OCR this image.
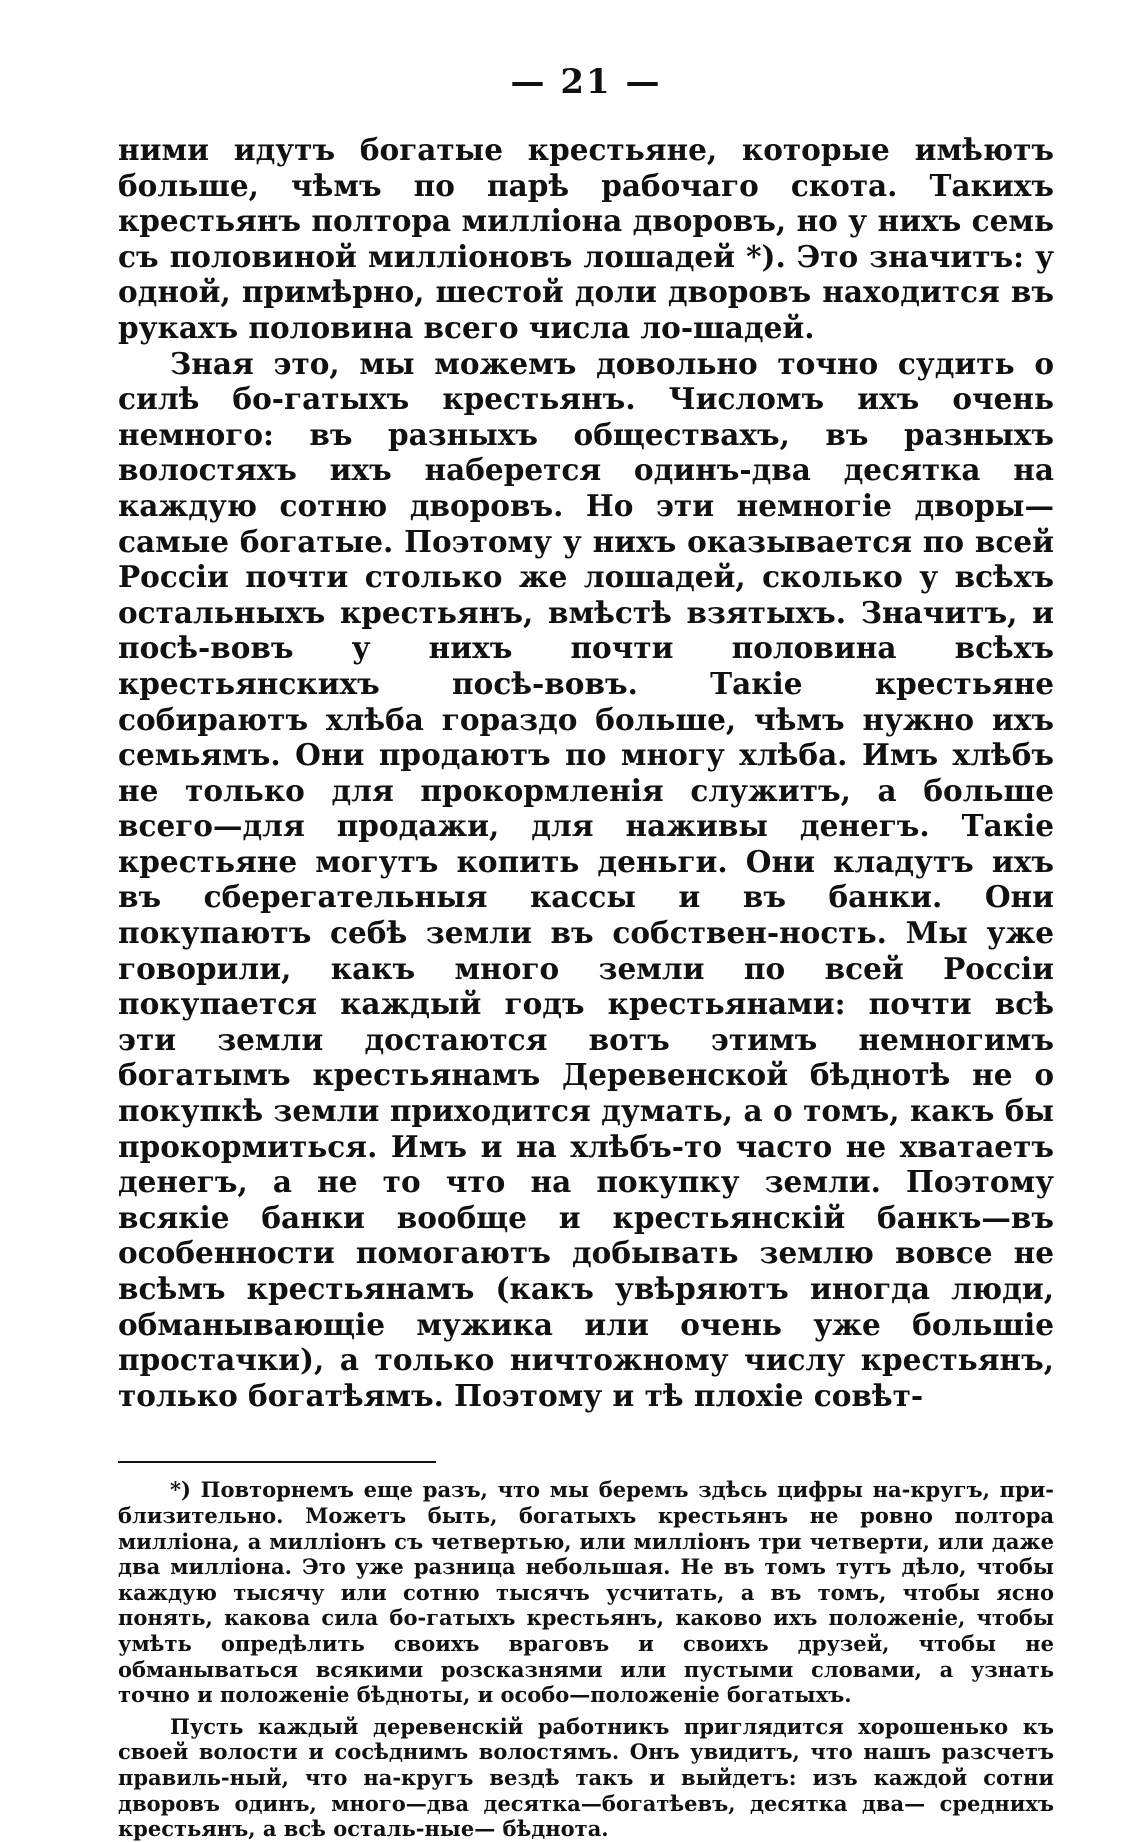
— 21 —

ними идутъ богатые крестьяне, которые имѣютъ больше, чѣмъ по парѣ рабочаго скота. Такихъ крестьянъ полтора милліона дворовъ, но у нихъ семь съ половиной милліоновъ лошадей *). Это значитъ: у одной, примѣрно, шестой доли дворовъ находится въ рукахъ половина всего числа ло-шадей.

Зная это, мы можемъ довольно точно судить о силѣ бо-гатыхъ крестьянъ. Числомъ ихъ очень немного: въ разныхъ обществахъ, въ разныхъ волостяхъ ихъ наберется одинъ-два десятка на каждую сотню дворовъ. Но эти немногіе дворы—самые богатые. Поэтому у нихъ оказывается по всей Россіи почти столько же лошадей, сколько у всѣхъ остальныхъ крестьянъ, вмѣстѣ взятыхъ. Значитъ, и посѣ-вовъ у нихъ почти половина всѣхъ крестьянскихъ посѣ-вовъ. Такіе крестьяне собираютъ хлѣба гораздо больше, чѣмъ нужно ихъ семьямъ. Они продаютъ по многу хлѣба. Имъ хлѣбъ не только для прокормленія служитъ, а больше всего—для продажи, для наживы денегъ. Такіе крестьяне могутъ копить деньги. Они кладутъ ихъ въ сберегательныя кассы и въ банки. Они покупаютъ себѣ земли въ собствен-ность. Мы уже говорили, какъ много земли по всей Россіи покупается каждый годъ крестьянами: почти всѣ эти земли достаются вотъ этимъ немногимъ богатымъ крестьянамъ Деревенской бѣднотѣ не о покупкѣ земли приходится думать, а о томъ, какъ бы прокормиться. Имъ и на хлѣбъ-то часто не хватаетъ денегъ, а не то что на покупку земли. Поэтому всякіе банки вообще и крестьянскій банкъ—въ особенности помогаютъ добывать землю вовсе не всѣмъ крестьянамъ (какъ увѣряютъ иногда люди, обманывающіе мужика или очень уже большіе простачки), а только ничтожному числу крестьянъ, только богатѣямъ. Поэтому и тѣ плохіе совѣт-

*) Повторнемъ еще разъ, что мы беремъ здѣсь цифры на-кругъ, при-близительно. Можетъ быть, богатыхъ крестьянъ не ровно полтора милліона, а милліонъ съ четвертью, или милліонъ три четверти, или даже два милліона. Это уже разница небольшая. Не въ томъ тутъ дѣло, чтобы каждую тысячу или сотню тысячъ усчитать, а въ томъ, чтобы ясно понять, какова сила бо-гатыхъ крестьянъ, каково ихъ положеніе, чтобы умѣть опредѣлить своихъ враговъ и своихъ друзей, чтобы не обманываться всякими розсказнями или пустыми словами, а узнать точно и положеніе бѣдноты, и особо—положеніе богатыхъ.

Пусть каждый деревенскій работникъ приглядится хорошенько къ своей волости и сосѣднимъ волостямъ. Онъ увидитъ, что нашъ разсчетъ правиль-ный, что на-кругъ вездѣ такъ и выйдетъ: изъ каждой сотни дворовъ одинъ, много—два десятка—богатѣевъ, десятка два— среднихъ крестьянъ, а всѣ осталь-ные— бѣднота.
